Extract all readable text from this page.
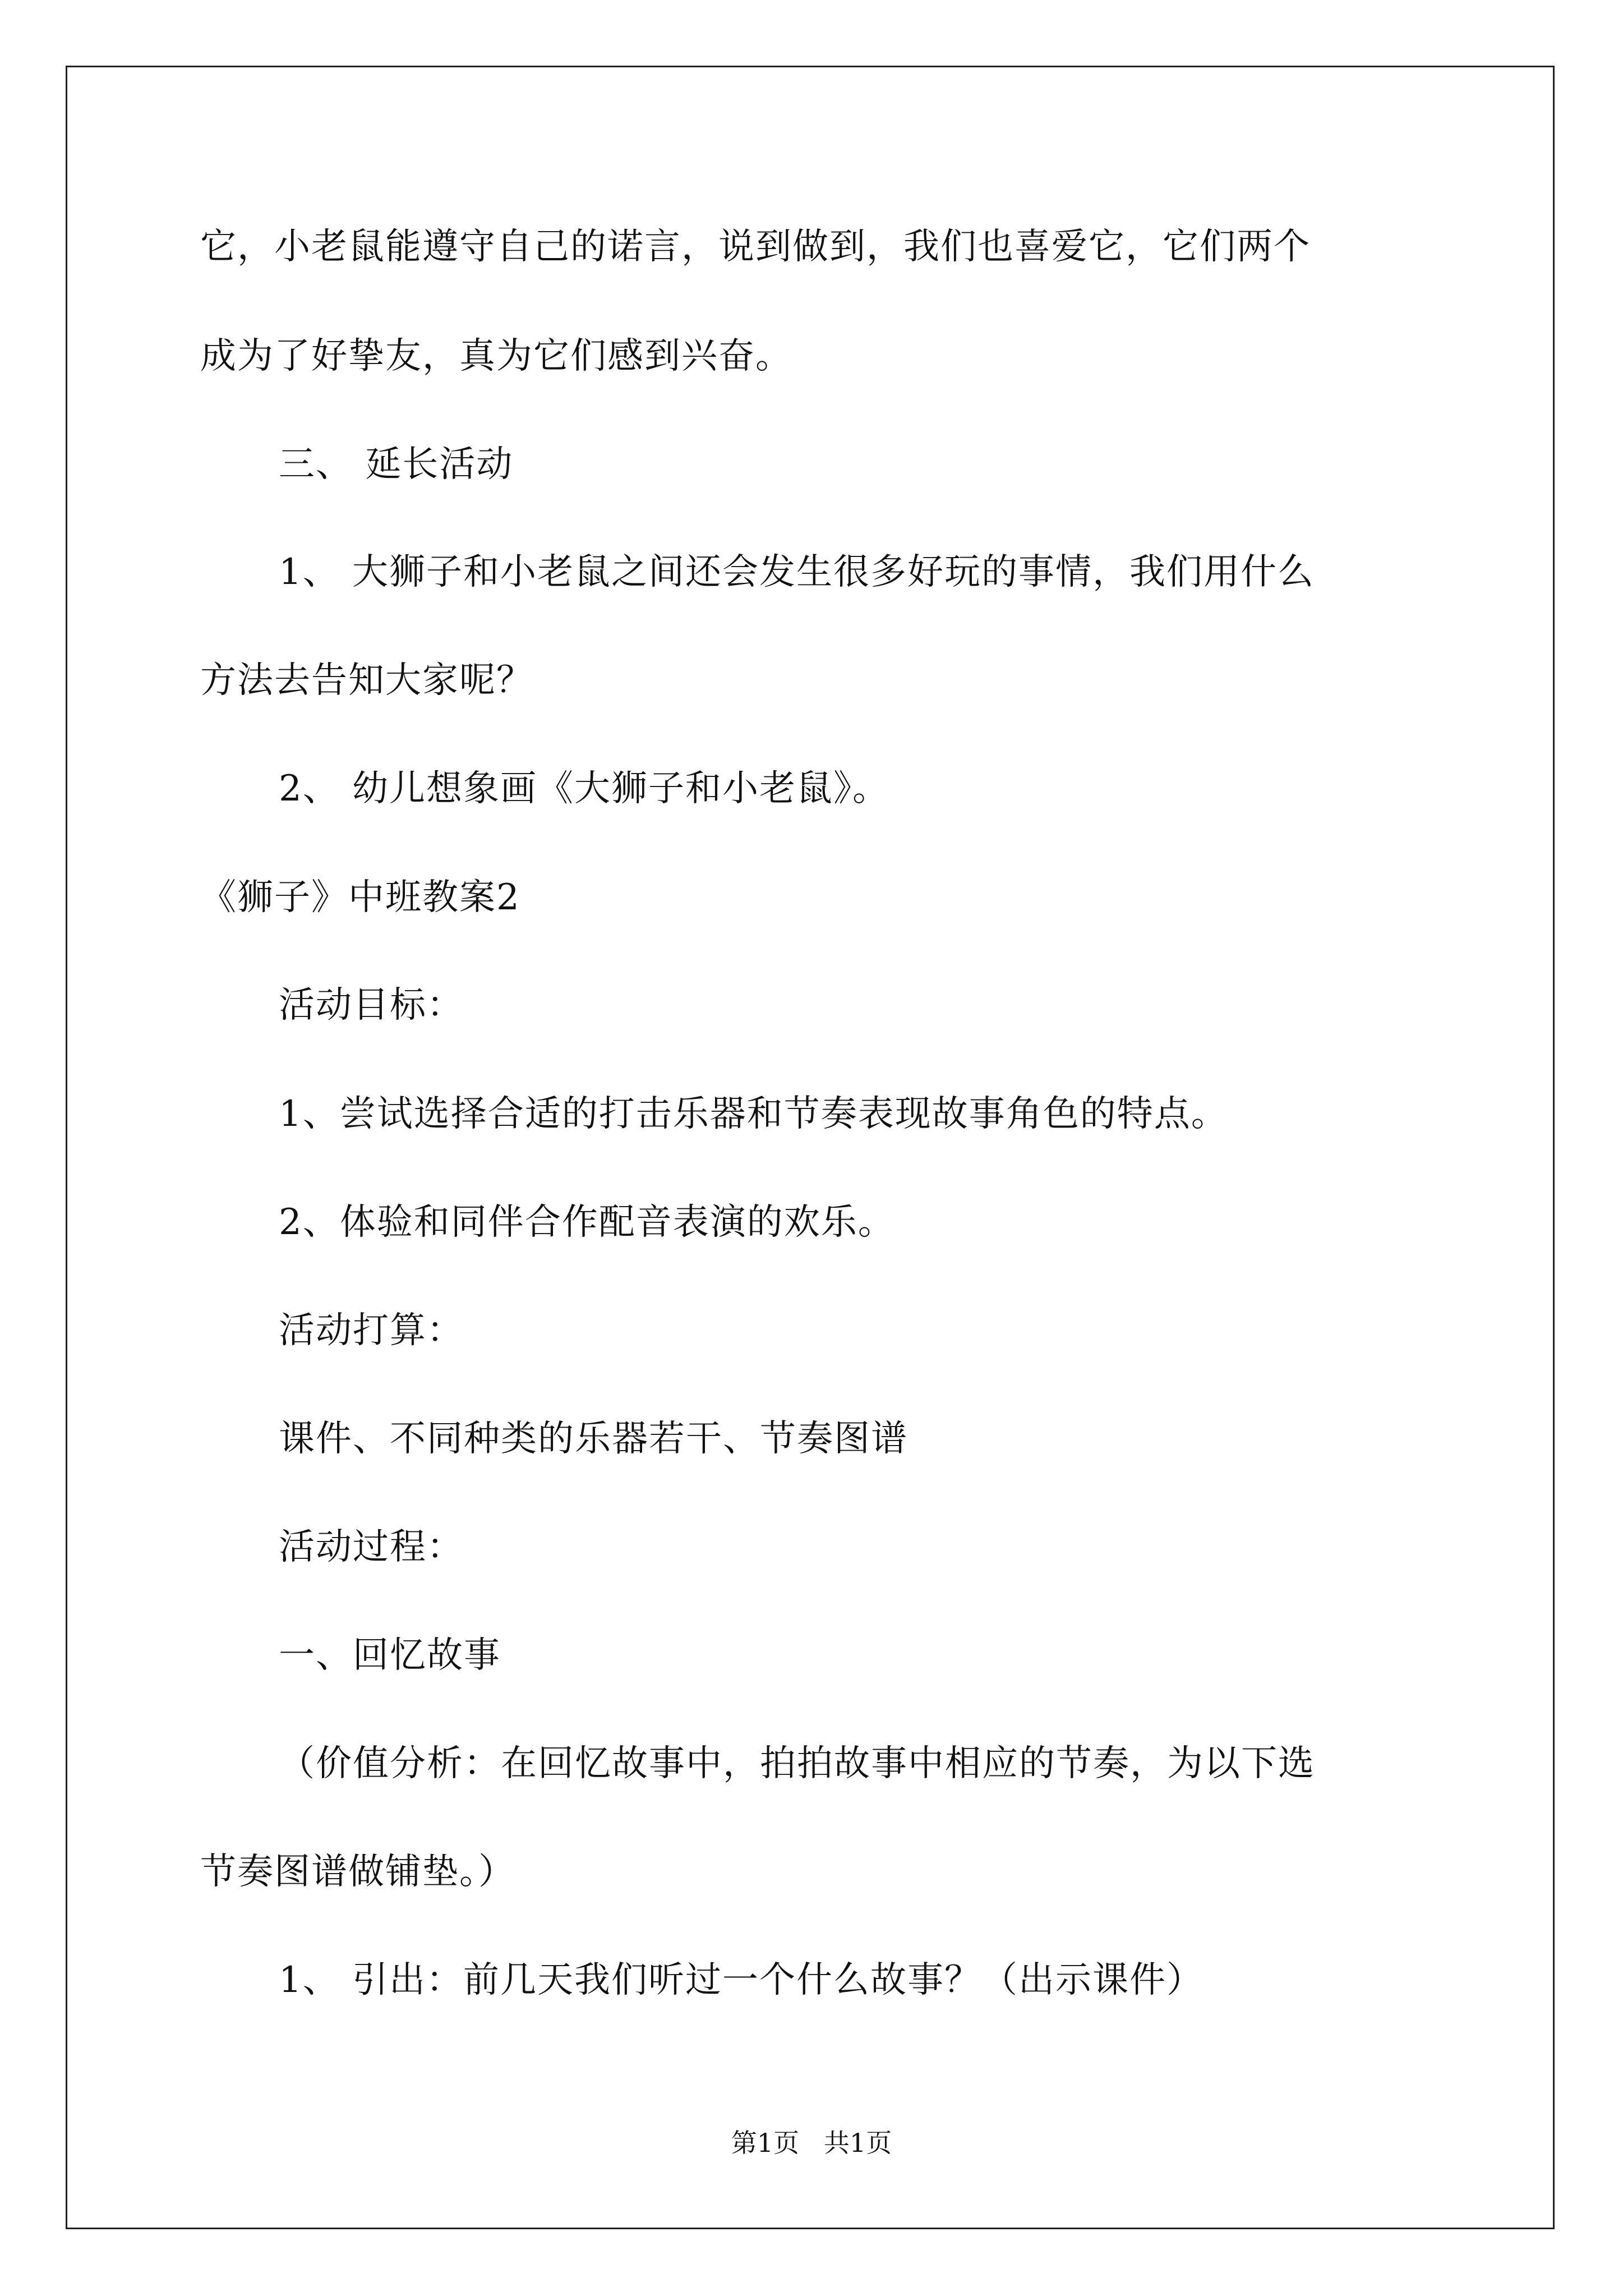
它，小老鼠能遵守自己的诺言，说到做到，我们也喜爱它，它们两个
成为了好挚友，真为它们感到兴奋。
三、 延长活动
1、 大狮子和小老鼠之间还会发生很多好玩的事情，我们用什么
方法去告知大家呢？
2、 幼儿想象画《大狮子和小老鼠》。
《狮子》中班教案2
活动目标：
1、尝试选择合适的打击乐器和节奏表现故事角色的特点。
2、体验和同伴合作配音表演的欢乐。
活动打算：
课件、不同种类的乐器若干、节奏图谱
活动过程：
一、回忆故事
（价值分析：在回忆故事中，拍拍故事中相应的节奏，为以下选
节奏图谱做铺垫。）
1、 引出：前几天我们听过一个什么故事？（出示课件）
第1页   共1页
